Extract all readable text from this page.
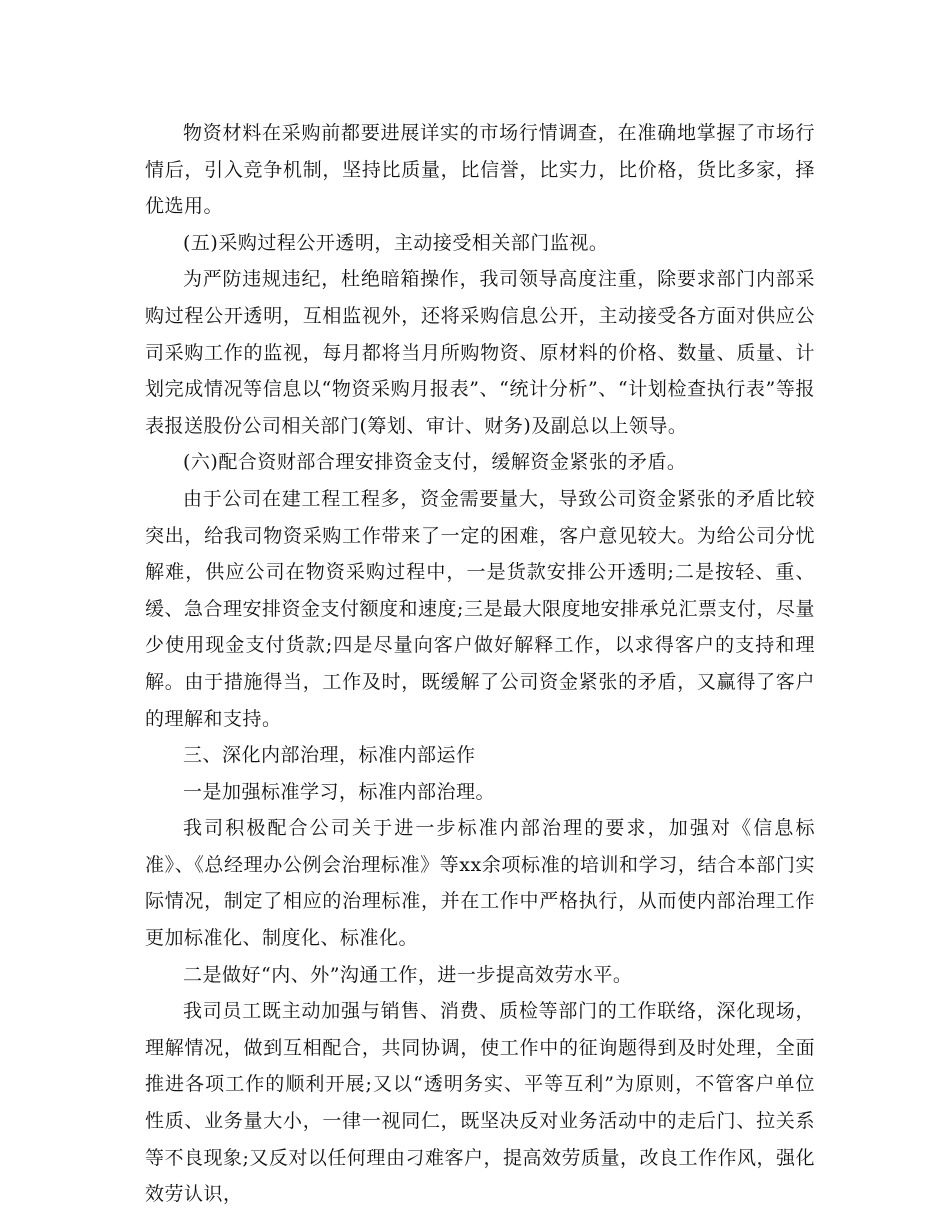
物资材料在采购前都要进展详实的市场行情调查，在准确地掌握了市场行情后，引入竞争机制，坚持比质量，比信誉，比实力，比价格，货比多家，择优选用。

(五)采购过程公开透明，主动接受相关部门监视。

为严防违规违纪，杜绝暗箱操作，我司领导高度注重，除要求部门内部采购过程公开透明，互相监视外，还将采购信息公开，主动接受各方面对供应公司采购工作的监视，每月都将当月所购物资、原材料的价格、数量、质量、计划完成情况等信息以“物资采购月报表”、“统计分析”、“计划检查执行表”等报表报送股份公司相关部门(筹划、审计、财务)及副总以上领导。

(六)配合资财部合理安排资金支付，缓解资金紧张的矛盾。

由于公司在建工程工程多，资金需要量大，导致公司资金紧张的矛盾比较突出，给我司物资采购工作带来了一定的困难，客户意见较大。为给公司分忧解难，供应公司在物资采购过程中，一是货款安排公开透明;二是按轻、重、缓、急合理安排资金支付额度和速度;三是最大限度地安排承兑汇票支付，尽量少使用现金支付货款;四是尽量向客户做好解释工作，以求得客户的支持和理解。由于措施得当，工作及时，既缓解了公司资金紧张的矛盾，又赢得了客户的理解和支持。

三、深化内部治理，标准内部运作

一是加强标准学习，标准内部治理。

我司积极配合公司关于进一步标准内部治理的要求，加强对《信息标准》、《总经理办公例会治理标准》等xx余项标准的培训和学习，结合本部门实际情况，制定了相应的治理标准，并在工作中严格执行，从而使内部治理工作更加标准化、制度化、标准化。

二是做好“内、外”沟通工作，进一步提高效劳水平。

我司员工既主动加强与销售、消费、质检等部门的工作联络，深化现场，理解情况，做到互相配合，共同协调，使工作中的征询题得到及时处理，全面推进各项工作的顺利开展;又以“透明务实、平等互利”为原则，不管客户单位性质、业务量大小，一律一视同仁，既坚决反对业务活动中的走后门、拉关系等不良现象;又反对以任何理由刁难客户，提高效劳质量，改良工作作风，强化效劳认识，
